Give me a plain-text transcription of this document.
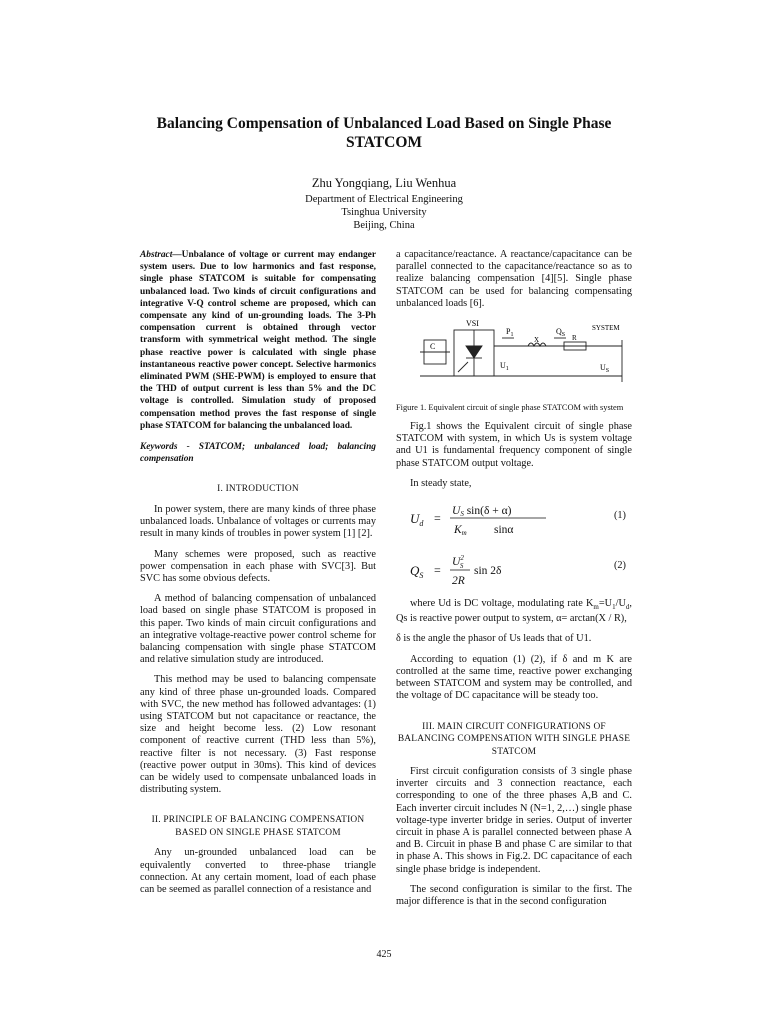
Balancing Compensation of Unbalanced Load Based on Single Phase
STATCOM
Zhu Yongqiang, Liu Wenhua
Department of Electrical Engineering
Tsinghua University
Beijing, China

Abstract—Unbalance of voltage or current may endanger system users. Due to low harmonics and fast response, single phase STATCOM is suitable for compensating unbalanced load. Two kinds of circuit configurations and integrative V-Q control scheme are proposed, which can compensate any kind of un-grounding loads. The 3-Ph compensation current is obtained through vector transform with symmetrical weight method. The single phase reactive power is calculated with single phase instantaneous reactive power concept. Selective harmonics eliminated PWM (SHE-PWM) is employed to ensure that the THD of output current is less than 5% and the DC voltage is controlled. Simulation study of proposed compensation method proves the fast response of single phase STATCOM for balancing the unbalanced load.

Keywords - STATCOM; unbalanced load; balancing compensation

I. INTRODUCTION

In power system, there are many kinds of three phase unbalanced loads. Unbalance of voltages or currents may result in many kinds of troubles in power system [1] [2].

Many schemes were proposed, such as reactive power compensation in each phase with SVC[3]. But SVC has some obvious defects.

A method of balancing compensation of unbalanced load based on single phase STATCOM is proposed in this paper. Two kinds of main circuit configurations and an integrative voltage-reactive power control scheme for balancing compensation with single phase STATCOM and relative simulation study are introduced.

This method may be used to balancing compensate any kind of three phase un-grounded loads. Compared with SVC, the new method has followed advantages: (1) using STATCOM but not capacitance or reactance, the size and height become less. (2) Low resonant component of reactive current (THD less than 5%), reactive filter is not necessary. (3) Fast response (reactive power output in 30ms). This kind of devices can be widely used to compensate unbalanced loads in distributing system.

II. PRINCIPLE OF BALANCING COMPENSATION BASED ON SINGLE PHASE STATCOM

Any un-grounded unbalanced load can be equivalently converted to three-phase triangle connection. At any certain moment, load of each phase can be seemed as parallel connection of a resistance and

a capacitance/reactance. A reactance/capacitance can be parallel connected to the capacitance/reactance so as to realize balancing compensation [4][5]. Single phase STATCOM can be used for balancing compensating unbalanced loads [6].

VSI	SYSTEM
C
$P_1$	$Q_S$
X	R
$U_1$	$U_S$

Figure 1. Equivalent circuit of single phase STATCOM with system

Fig.1 shows the Equivalent circuit of single phase STATCOM with system, in which Us is system voltage and U1 is fundamental frequency component of single phase STATCOM output voltage.

In steady state,

$U_d$ = US sin(δ + α)
Km sinα
(1)
$Q_S$ =
$U^2$ S
2R
sin 2δ	(2)

where Ud is DC voltage, modulating rate $K_m=U_1/U_d$, Qs is reactive power output to system, α= arctan(X / R),

δ is the angle the phasor of Us leads that of U1.

According to equation (1) (2), if δ and m K are controlled at the same time, reactive power exchanging between STATCOM and system may be controlled, and the voltage of DC capacitance will be steady too.

III. MAIN CIRCUIT CONFIGURATIONS OF BALANCING COMPENSATION WITH SINGLE PHASE STATCOM

First circuit configuration consists of 3 single phase inverter circuits and 3 connection reactance, each corresponding to one of the three phases A,B and C. Each inverter circuit includes N (N=1, 2,…) single phase voltage-type inverter bridge in series. Output of inverter circuit in phase A is parallel connected between phase A and B. Circuit in phase B and phase C are similar to that in phase A. This shows in Fig.2. DC capacitance of each single phase bridge is independent.

The second configuration is similar to the first. The major difference is that in the second configuration

425
